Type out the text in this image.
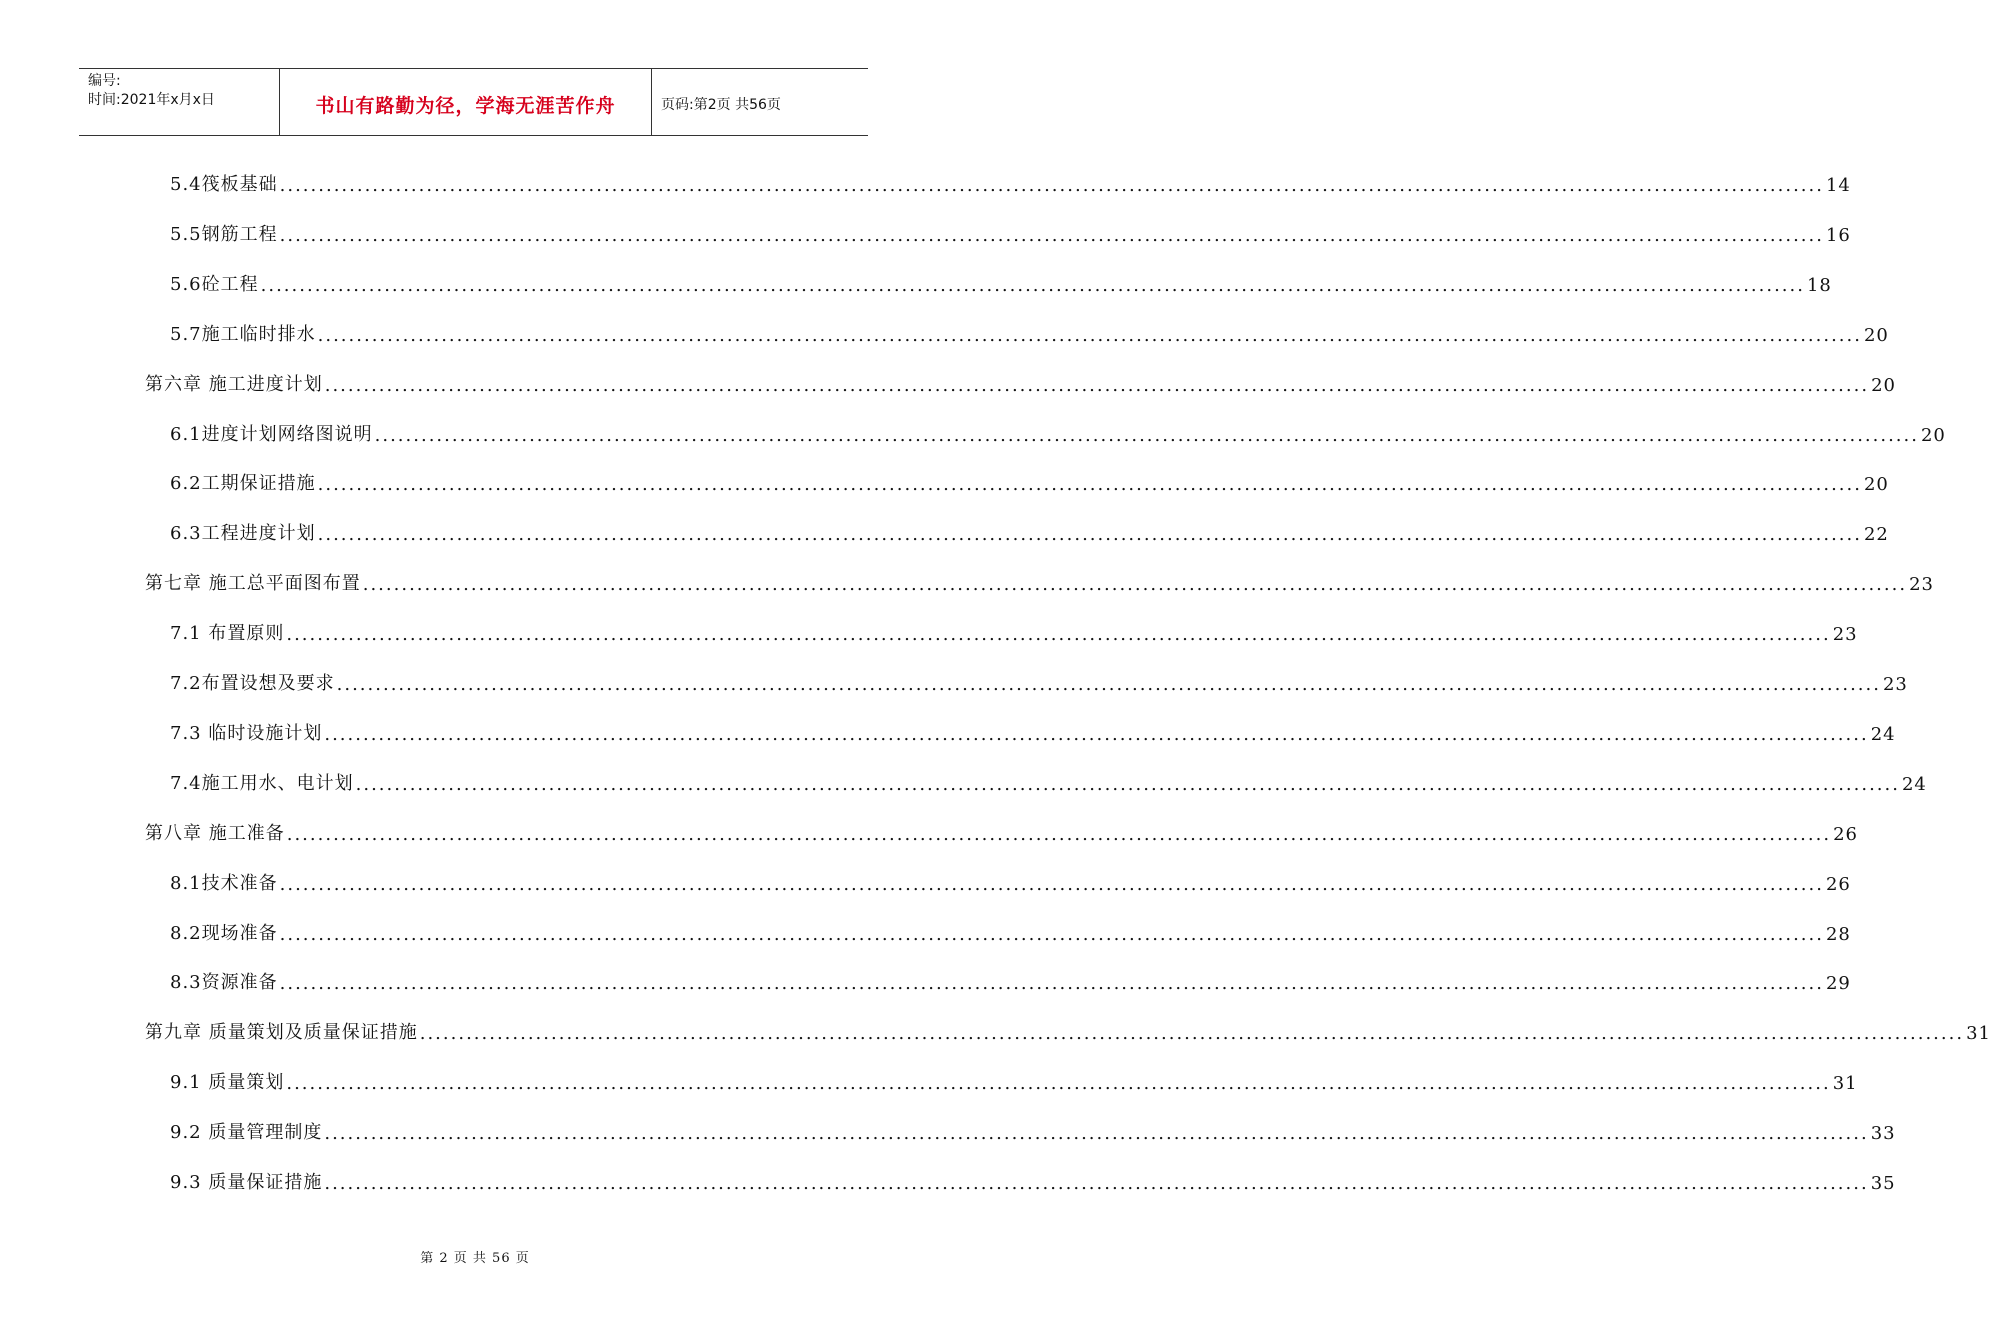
编号:
时间:2021年x月x日	书山有路勤为径，学海无涯苦作舟	页码:第2页 共56页
5.4筏板基础 ........................................................................................................................................................................................................ 14
5.5钢筋工程 ........................................................................................................................................................................................................ 16
5.6砼工程 ........................................................................................................................................................................................................ 18
5.7施工临时排水 ........................................................................................................................................................................................................ 20
第六章 施工进度计划 ........................................................................................................................................................................................................ 20
6.1进度计划网络图说明 ........................................................................................................................................................................................................ 20
6.2工期保证措施 ........................................................................................................................................................................................................ 20
6.3工程进度计划 ........................................................................................................................................................................................................ 22
第七章 施工总平面图布置 ........................................................................................................................................................................................................ 23
7.1 布置原则 ........................................................................................................................................................................................................ 23
7.2布置设想及要求 ........................................................................................................................................................................................................ 23
7.3 临时设施计划 ........................................................................................................................................................................................................ 24
7.4施工用水、电计划 ........................................................................................................................................................................................................ 24
第八章 施工准备 ........................................................................................................................................................................................................ 26
8.1技术准备 ........................................................................................................................................................................................................ 26
8.2现场准备 ........................................................................................................................................................................................................ 28
8.3资源准备 ........................................................................................................................................................................................................ 29
第九章 质量策划及质量保证措施 ........................................................................................................................................................................................................ 31
9.1 质量策划 ........................................................................................................................................................................................................ 31
9.2 质量管理制度 ........................................................................................................................................................................................................ 33
9.3 质量保证措施 ........................................................................................................................................................................................................ 35
第 2 页 共 56 页
